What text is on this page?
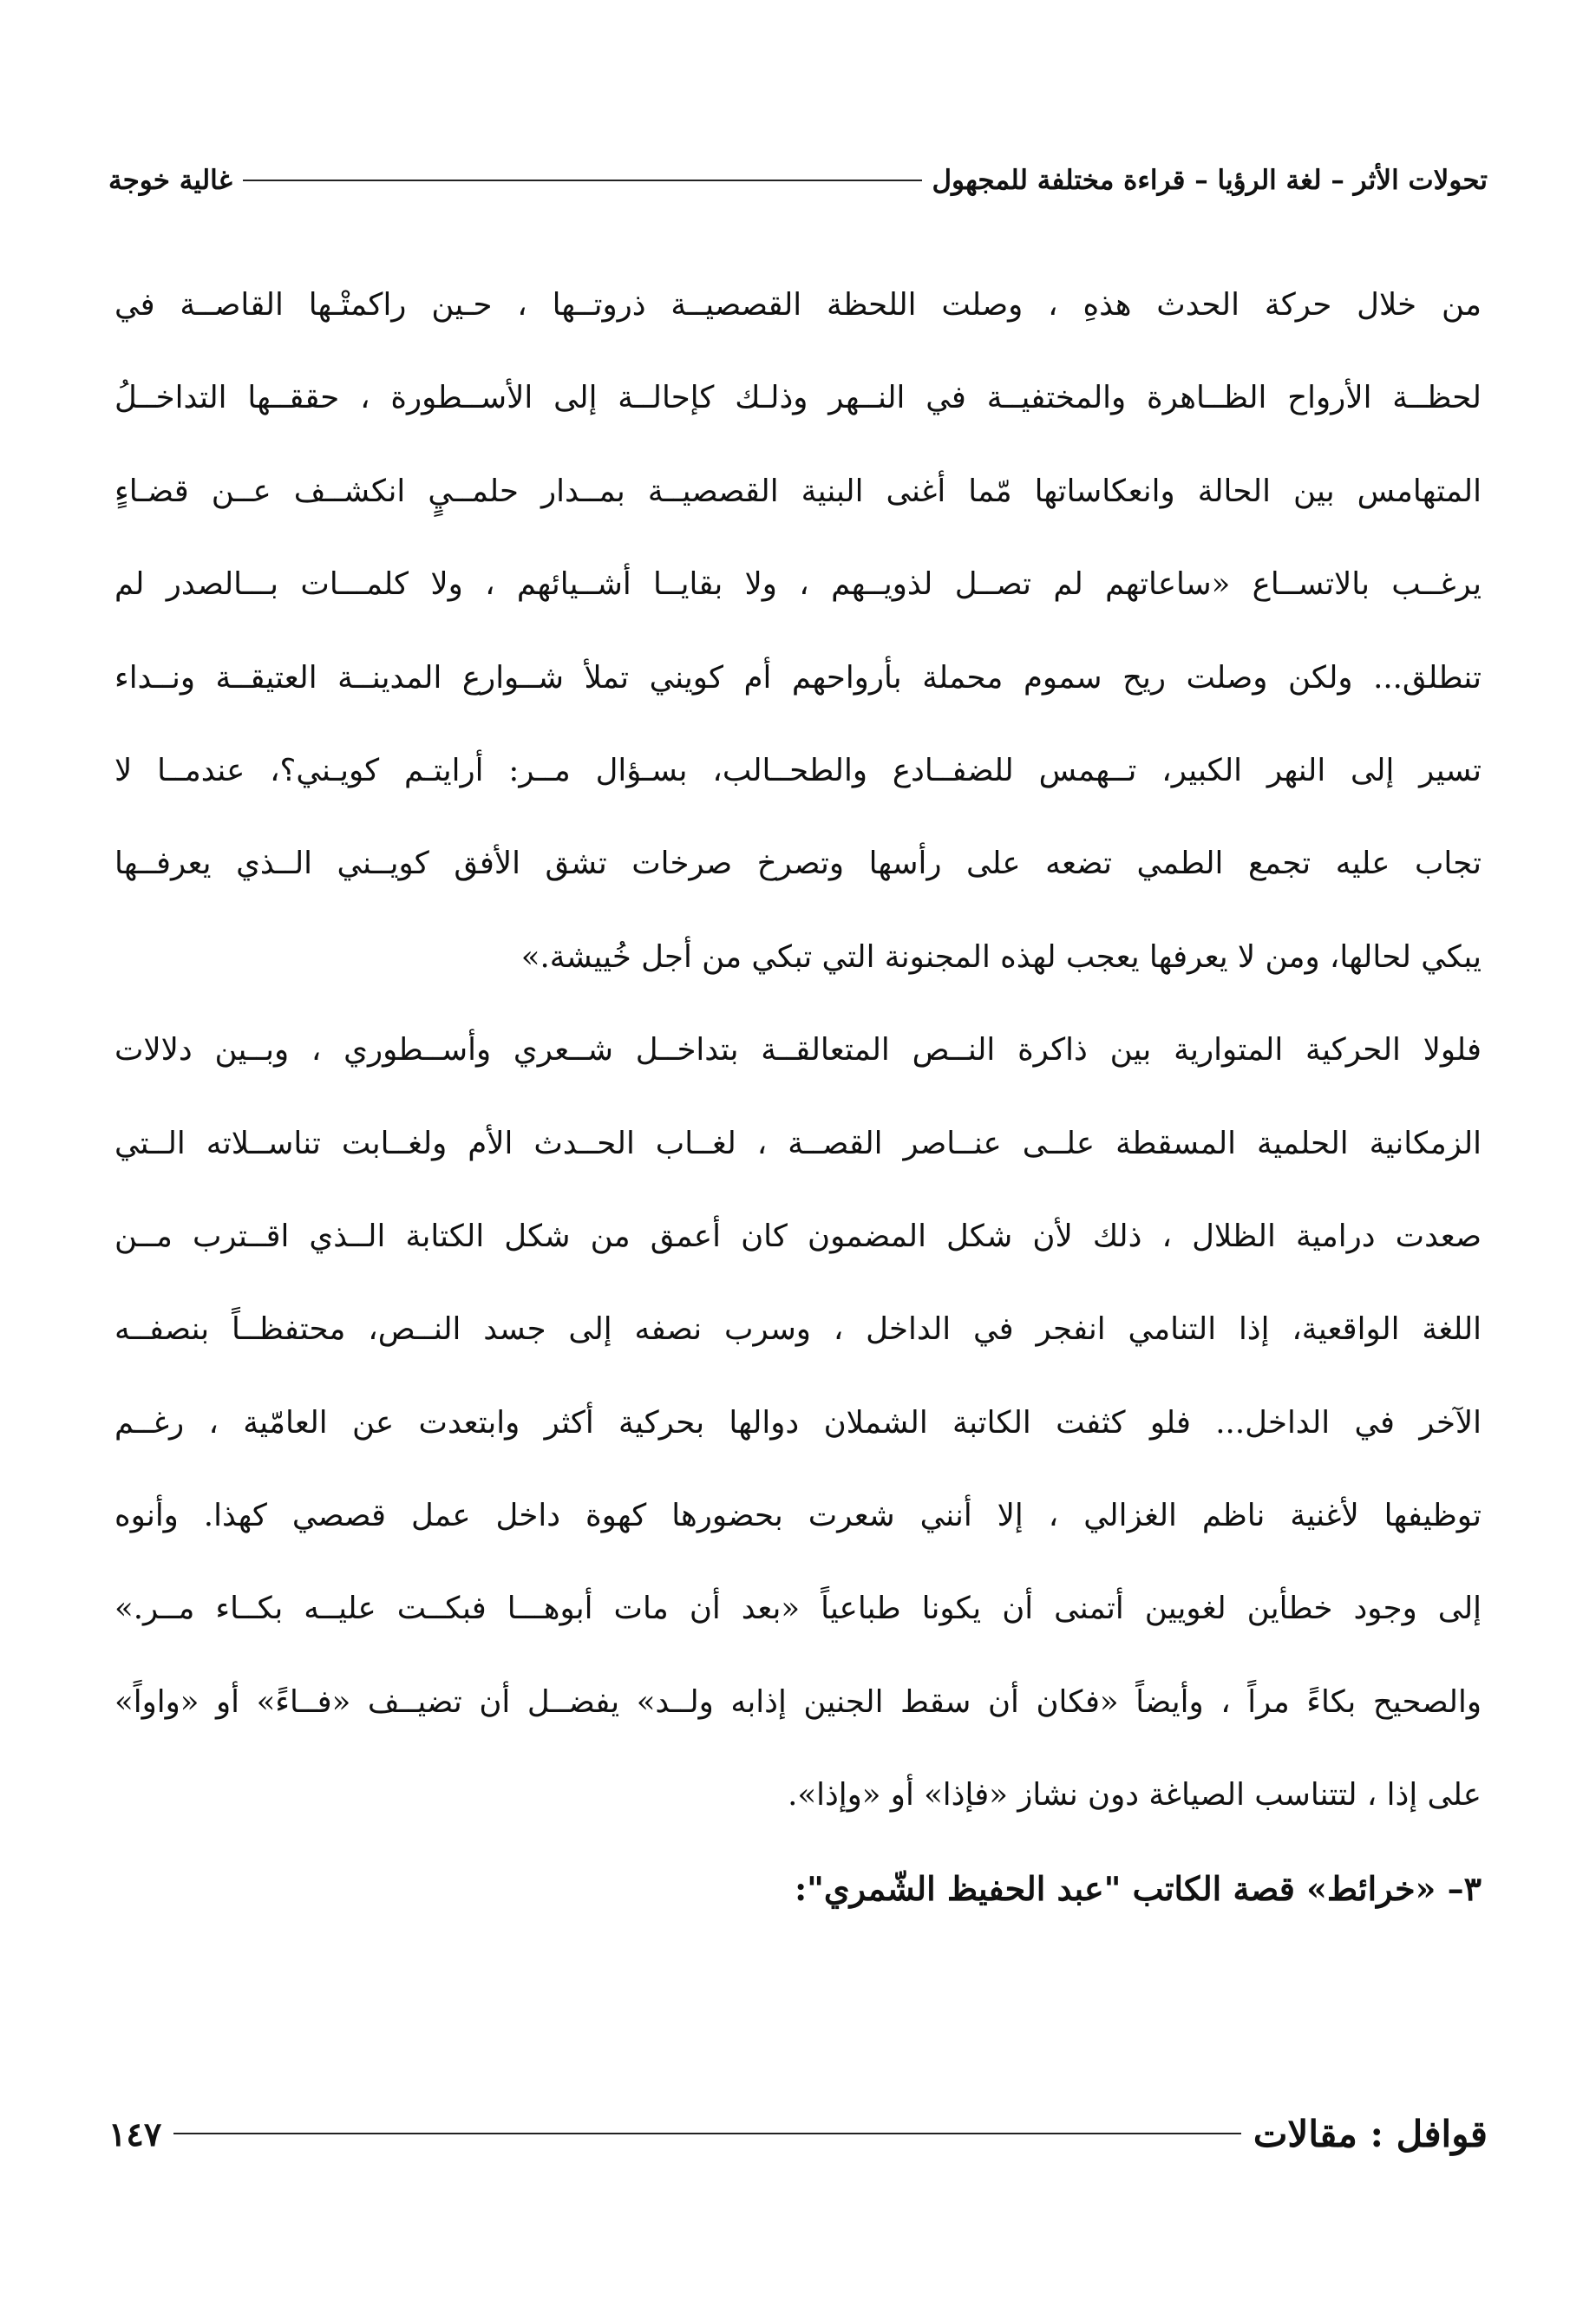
تحولات الأثر – لغة الرؤيا – قراءة مختلفة للمجهول
غالية خوجة
من خلال حركة الحدث هذهِ ، وصلت اللحظة القصصيــة ذروتــها ، حـين راكمتْـها القاصــة في
لحظــة الأرواح الظــاهرة والمختفيــة في النــهر وذلـك كإحالــة إلى الأســطورة ، حققــها التداخــلُ
المتهامس بين الحالة وانعكاساتها مّما أغنى البنية القصصيــة بمــدار حلمــيٍ انكشــف عــن قضـاءٍ
يرغــب بالاتســاع «ساعاتهم لم تصــل لذويــهم ، ولا بقايــا أشــيائهم ، ولا كلمـــات بـــالصدر لم
تنطلق... ولكن وصلت ريح سموم محملة بأرواحهم أم كويني تملأ شــوارع المدينــة العتيقــة ونــداء
تسير إلى النهر الكبير، تــهمس للضفــادع والطحــالب، بسـؤال مــر: أرايتـم كويـني؟، عندمــا لا
تجاب عليه تجمع الطمي تضعه على رأسها وتصرخ صرخات تشق الأفق كويــني الــذي يعرفــها
يبكي لحالها، ومن لا يعرفها يعجب لهذه المجنونة التي تبكي من أجل خُييشة.»
فلولا الحركية المتوارية بين ذاكرة النــص المتعالقــة بتداخــل شــعري وأســطوري ، وبــين دلالات
الزمكانية الحلمية المسقطة علــى عنــاصر القصــة ، لغــاب الحــدث الأم ولغــابت تناســلاته الــتي
صعدت درامية الظلال ، ذلك لأن شكل المضمون كان أعمق من شكل الكتابة الــذي اقــترب مــن
اللغة الواقعية، إذا التنامي انفجر في الداخل ، وسرب نصفه إلى جسد النــص، محتفظــاً بنصفــه
الآخر في الداخل... فلو كثفت الكاتبة الشملان دوالها بحركية أكثر وابتعدت عن العامّية ، رغــم
توظيفها لأغنية ناظم الغزالي ، إلا أنني شعرت بحضورها كهوة داخل عمل قصصي كهذا. وأنوه
إلى وجود خطأين لغويين أتمنى أن يكونا طباعياً «بعد أن مات أبوهـــا فبكــت عليــه بكــاء مــر.»
والصحيح بكاءً مراً ، وأيضاً «فكان أن سقط الجنين إذابه ولــد» يفضــل أن تضيــف «فــاءً» أو «واواً»
على إذا ، لتتناسب الصياغة دون نشاز «فإذا» أو «وإذا».
٣– «خرائط» قصة الكاتب "عبد الحفيظ الشّمري":
قوافل : مقالات
١٤٧
